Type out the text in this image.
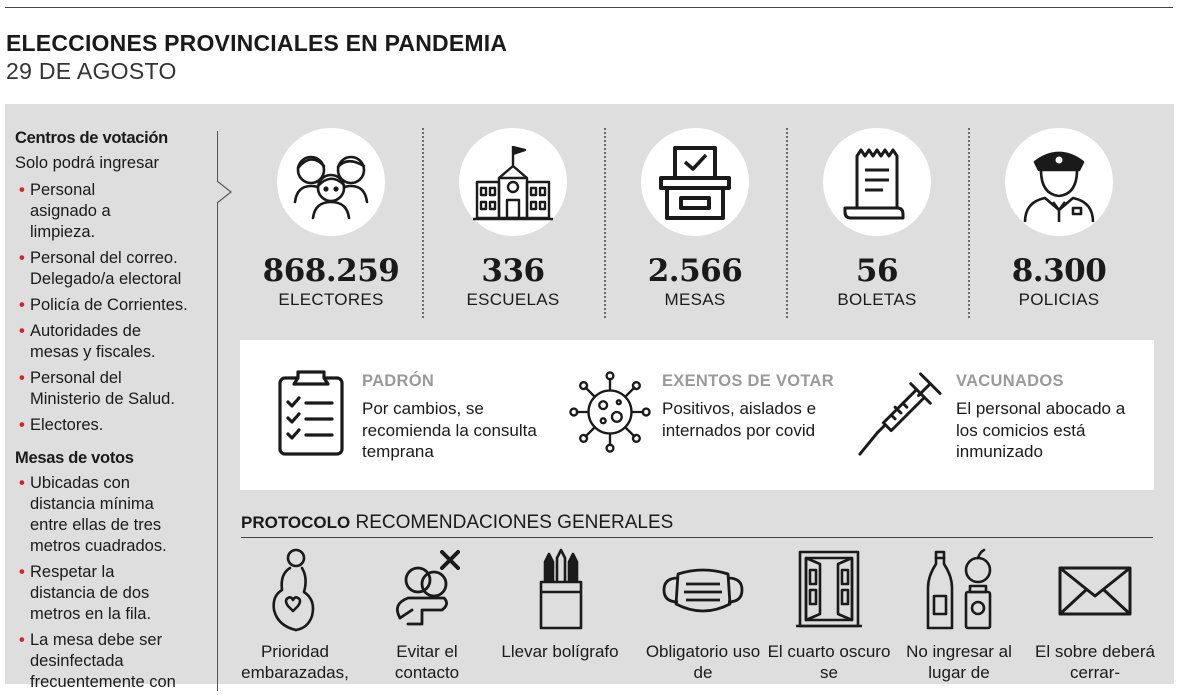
ELECCIONES PROVINCIALES EN PANDEMIA
29 DE AGOSTO
Centros de votación
Solo podrá ingresar
• Personal asignado a limpieza.
• Personal del correo. Delegado/a electoral
• Policía de Corrientes.
• Autoridades de mesas y fiscales.
• Personal del Ministerio de Salud.
• Electores.
Mesas de votos
• Ubicadas con distancia mínima entre ellas de tres metros cuadrados.
• Respetar la distancia de dos metros en la fila.
• La mesa debe ser desinfectada frecuentemente con
868.259
ELECTORES
336
ESCUELAS
2.566
MESAS
56
BOLETAS
8.300
POLICIAS
PADRÓN
Por cambios, se recomienda la consulta temprana
EXENTOS DE VOTAR
Positivos, aislados e internados por covid
VACUNADOS
El personal abocado a los comicios está inmunizado
PROTOCOLO RECOMENDACIONES GENERALES
Prioridad embarazadas,
Evitar el contacto
Llevar bolígrafo	Obligatorio uso de
El cuarto oscuro se
No ingresar al lugar de
El sobre deberá cerrar-
